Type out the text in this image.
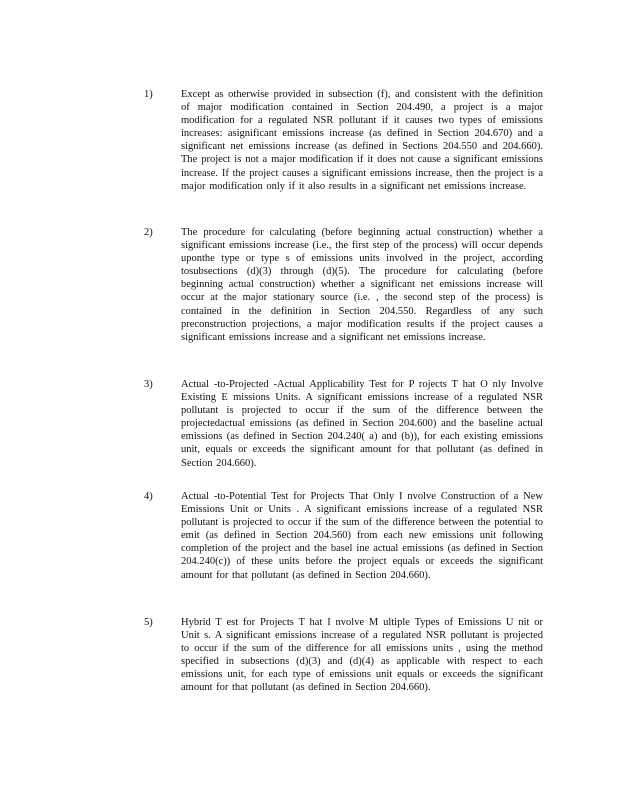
1)	Except as otherwise provided in subsection (f), and consistent with the definition of major modification contained in Section 204.490, a project is a major modification for a regulated NSR pollutant if it causes two types of emissions increases: asignificant emissions increase (as defined in Section 204.670) and a significant net emissions increase (as defined in Sections 204.550 and 204.660). The project is not a major modification if it does not cause a significant emissions increase. If the project causes a significant emissions increase, then the project is a major modification only if it also results in a significant net emissions increase.
2)	The procedure for calculating (before beginning actual construction) whether a significant emissions increase (i.e., the first step of the process) will occur depends uponthe type or type s of emissions units involved in the project, according tosubsections (d)(3) through (d)(5). The procedure for calculating (before beginning actual construction) whether a significant net emissions increase will occur at the major stationary source (i.e. , the second step of the process) is contained in the definition in Section 204.550. Regardless of any such preconstruction projections, a major modification results if the project causes a significant emissions increase and a significant net emissions increase.
3)	Actual -to-Projected -Actual Applicability Test for P rojects T hat O nly Involve Existing E missions Units. A significant emissions increase of a regulated NSR pollutant is projected to occur if the sum of the difference between the projectedactual emissions (as defined in Section 204.600) and the baseline actual emissions (as defined in Section 204.240( a) and (b)), for each existing emissions unit, equals or exceeds the significant amount for that pollutant (as defined in Section 204.660).
4)	Actual -to-Potential Test for Projects That Only I nvolve Construction of a New Emissions Unit or Units . A significant emissions increase of a regulated NSR pollutant is projected to occur if the sum of the difference between the potential to emit (as defined in Section 204.560) from each new emissions unit following completion of the project and the basel ine actual emissions (as defined in Section 204.240(c)) of these units before the project equals or exceeds the significant amount for that pollutant (as defined in Section 204.660).
5)	Hybrid T est for Projects T hat I nvolve M ultiple Types of Emissions U nit or Unit s. A significant emissions increase of a regulated NSR pollutant is projected to occur if the sum of the difference for all emissions units , using the method specified in subsections (d)(3) and (d)(4) as applicable with respect to each emissions unit, for each type of emissions unit equals or exceeds the significant amount for that pollutant (as defined in Section 204.660).
